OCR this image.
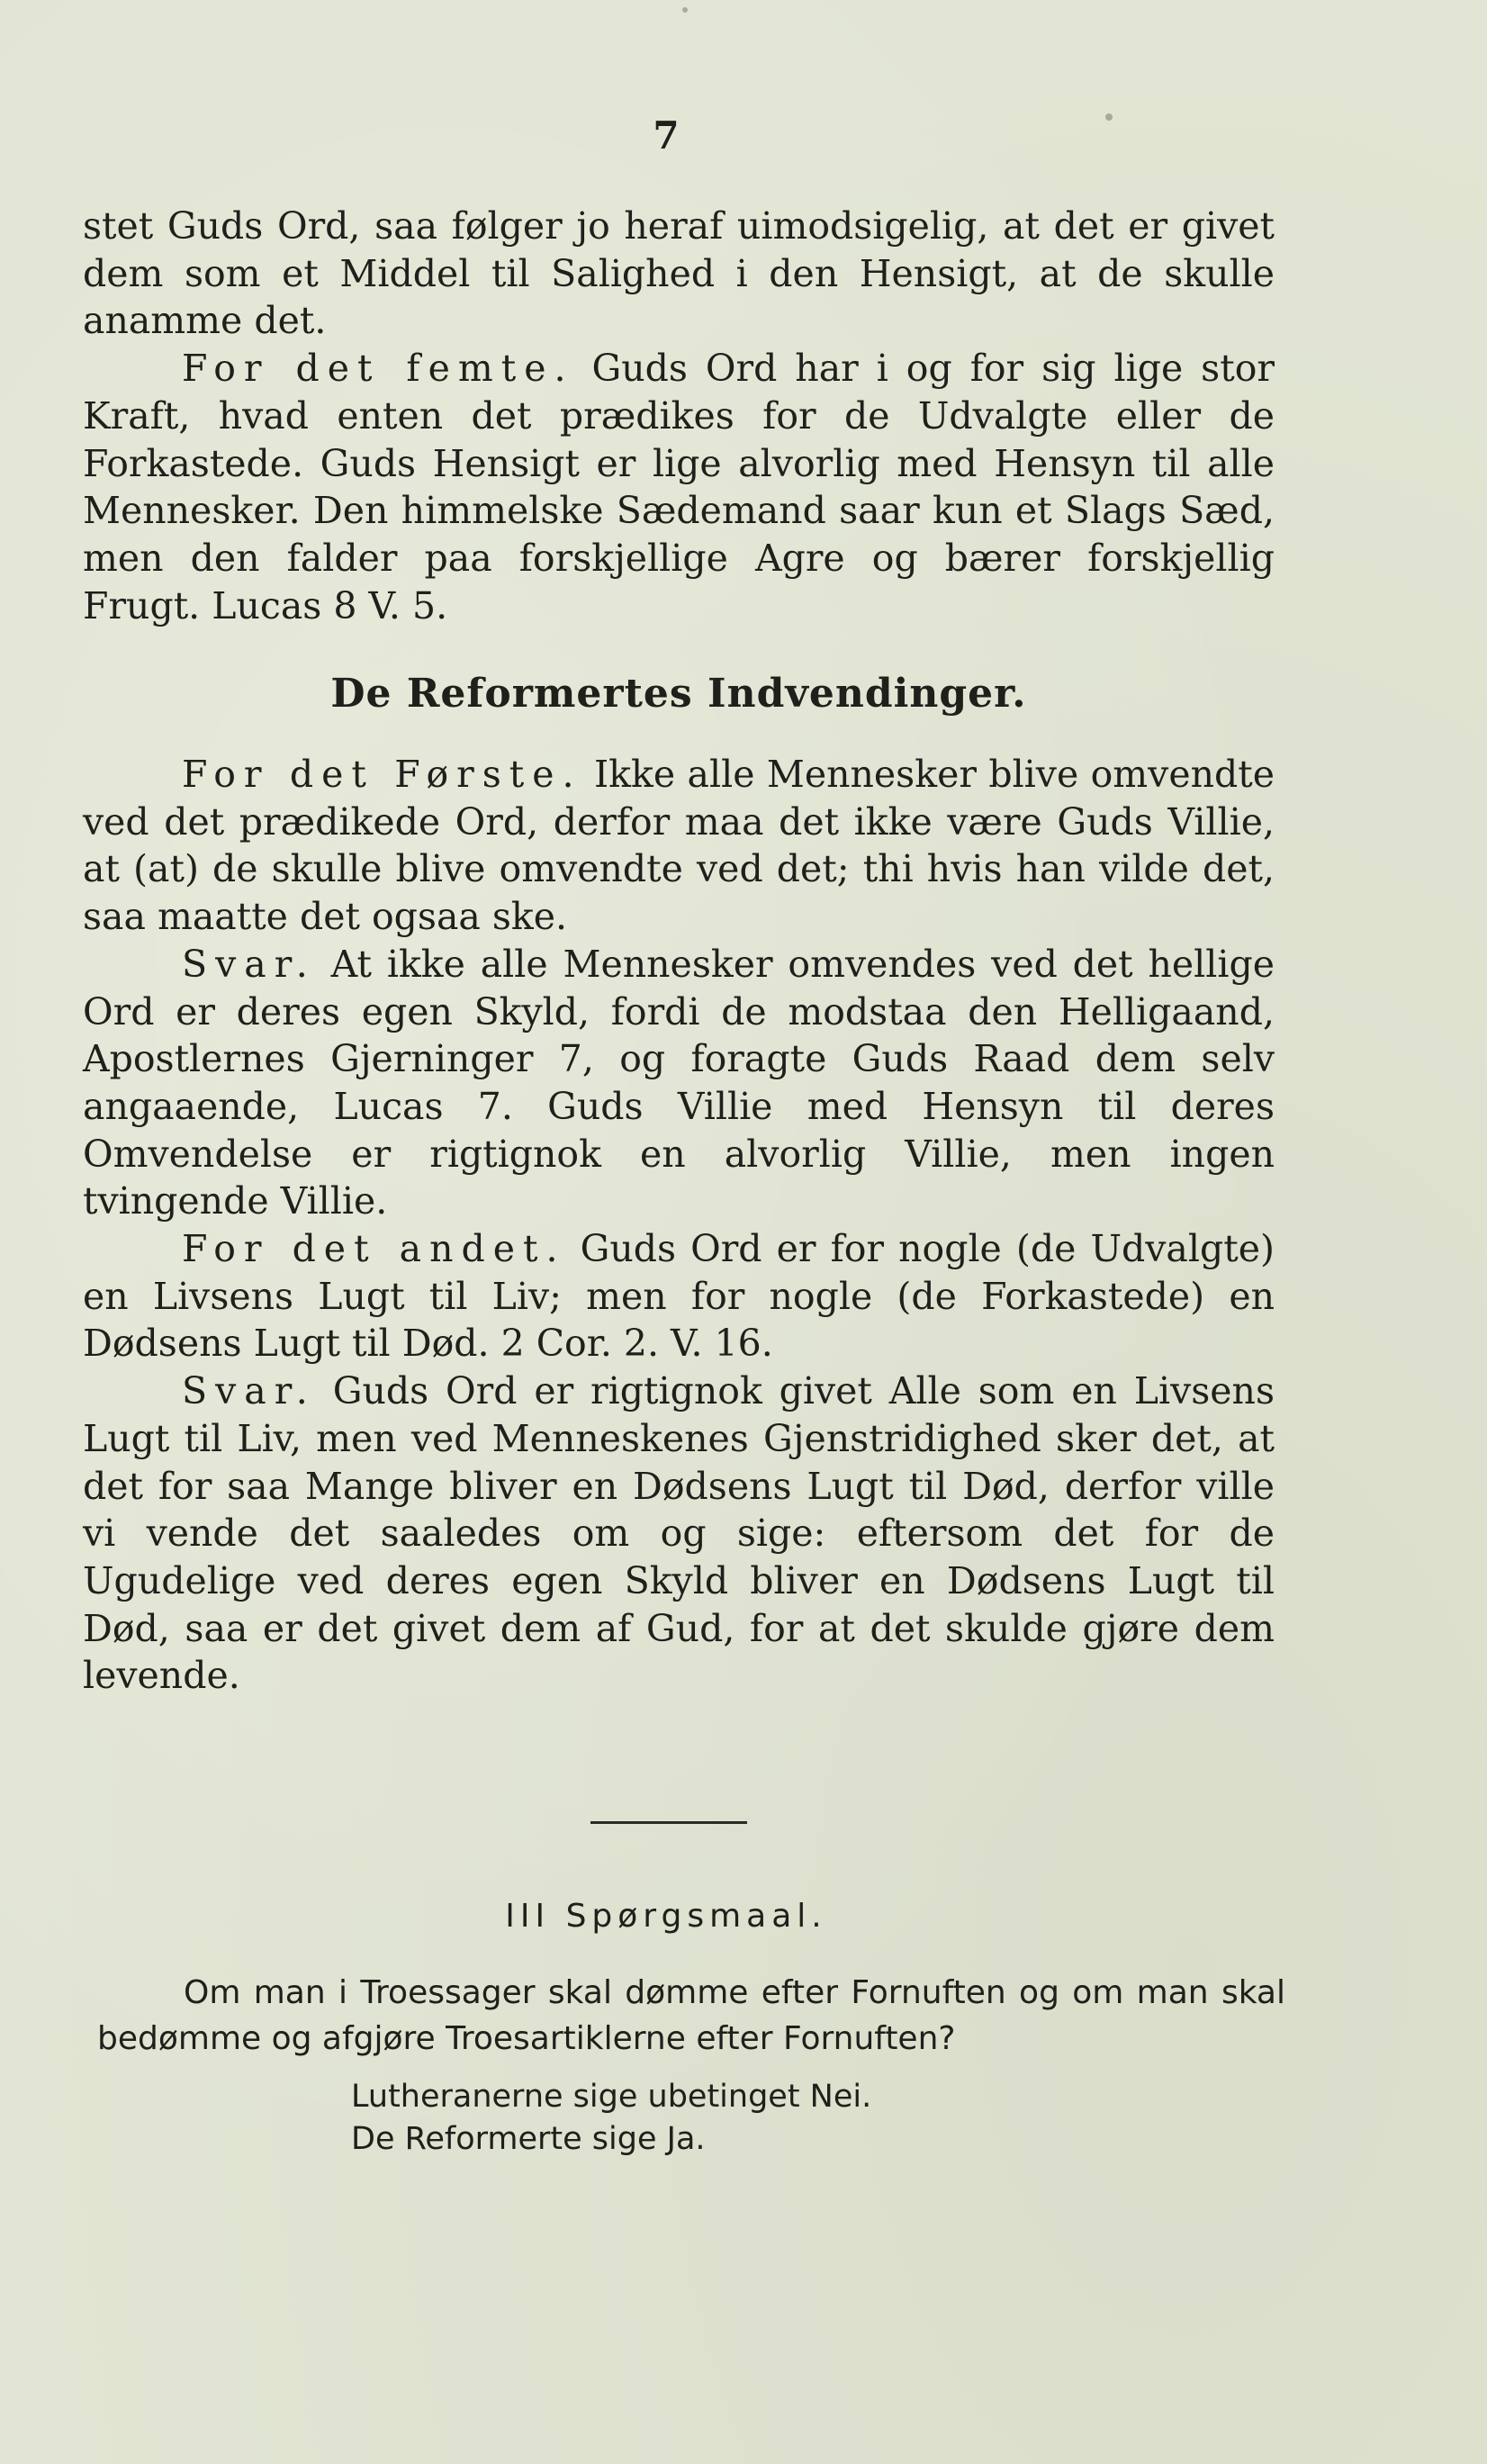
7

stet Guds Ord, saa følger jo heraf uimodsigelig, at det er givet dem som et Middel til Salighed i den Hensigt, at de skulle anamme det.

For det femte. Guds Ord har i og for sig lige stor Kraft, hvad enten det prædikes for de Udvalgte eller de Forkastede. Guds Hensigt er lige alvorlig med Hensyn til alle Mennesker. Den himmelske Sædemand saar kun et Slags Sæd, men den falder paa forskjellige Agre og bærer forskjellig Frugt. Lucas 8 V. 5.

De Reformertes Indvendinger.

For det Første. Ikke alle Mennesker blive omvendte ved det prædikede Ord, derfor maa det ikke være Guds Villie, at (at) de skulle blive omvendte ved det; thi hvis han vilde det, saa maatte det ogsaa ske.

Svar. At ikke alle Mennesker omvendes ved det hellige Ord er deres egen Skyld, fordi de modstaa den Helligaand, Apostlernes Gjerninger 7, og foragte Guds Raad dem selv angaaende, Lucas 7. Guds Villie med Hensyn til deres Omvendelse er rigtignok en alvorlig Villie, men ingen tvingende Villie.

For det andet. Guds Ord er for nogle (de Udvalgte) en Livsens Lugt til Liv; men for nogle (de Forkastede) en Dødsens Lugt til Død. 2 Cor. 2. V. 16.

Svar. Guds Ord er rigtignok givet Alle som en Livsens Lugt til Liv, men ved Menneskenes Gjenstridighed sker det, at det for saa Mange bliver en Dødsens Lugt til Død, derfor ville vi vende det saaledes om og sige: eftersom det for de Ugudelige ved deres egen Skyld bliver en Dødsens Lugt til Død, saa er det givet dem af Gud, for at det skulde gjøre dem levende.

III Spørgsmaal.
Om man i Troessager skal dømme efter Fornuften og om man skal bedømme og afgjøre Troesartiklerne efter Fornuften?
Lutheranerne sige ubetinget Nei.
De Reformerte sige Ja.
